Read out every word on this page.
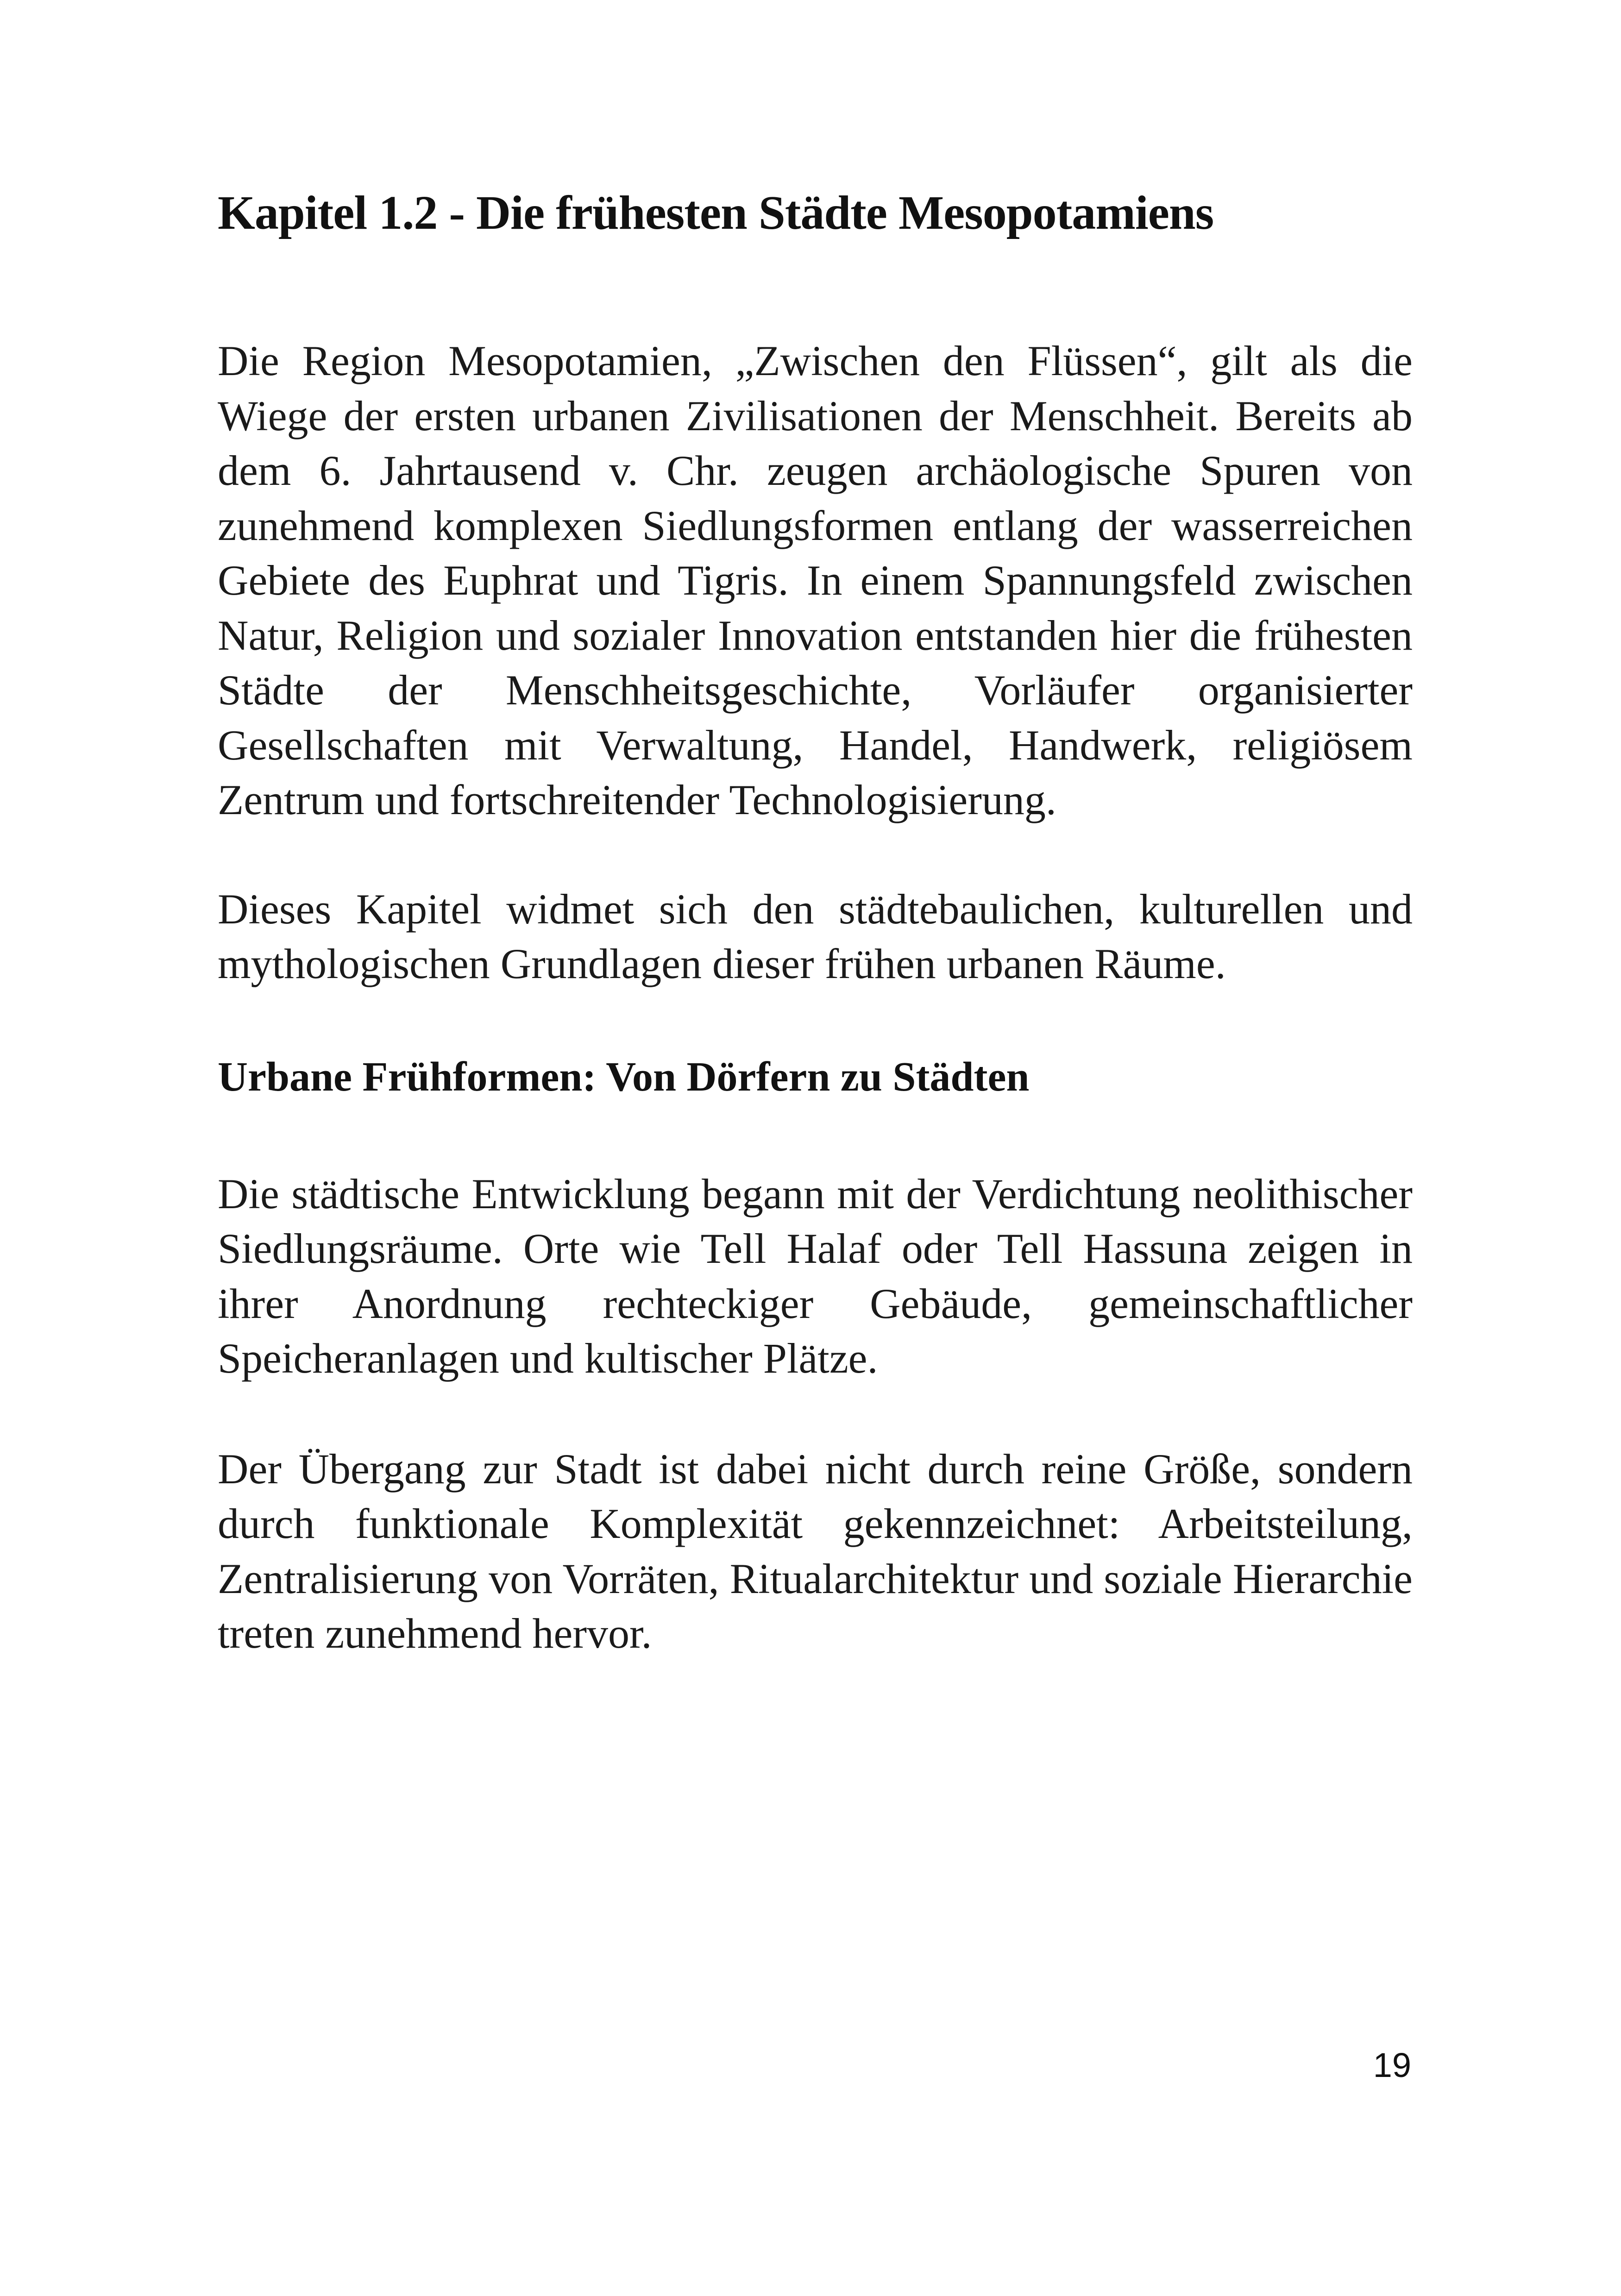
Kapitel 1.2 - Die frühesten Städte Mesopotamiens

Die Region Mesopotamien, „Zwischen den Flüssen“, gilt als die Wiege der ersten urbanen Zivilisationen der Menschheit. Bereits ab dem 6. Jahrtausend v. Chr. zeugen archäologische Spuren von zunehmend komplexen Siedlungsformen entlang der wasserreichen Gebiete des Euphrat und Tigris. In einem Spannungsfeld zwischen Natur, Religion und sozialer Innovation entstanden hier die frühesten Städte der Menschheitsgeschichte, Vorläufer organisierter Gesellschaften mit Verwaltung, Handel, Handwerk, religiösem Zentrum und fortschreitender Technologisierung.

Dieses Kapitel widmet sich den städtebaulichen, kulturellen und mythologischen Grundlagen dieser frühen urbanen Räume.

Urbane Frühformen: Von Dörfern zu Städten

Die städtische Entwicklung begann mit der Verdichtung neolithischer Siedlungsräume. Orte wie Tell Halaf oder Tell Hassuna zeigen in ihrer Anordnung rechteckiger Gebäude, gemeinschaftlicher Speicheranlagen und kultischer Plätze.

Der Übergang zur Stadt ist dabei nicht durch reine Größe, sondern durch funktionale Komplexität gekennzeichnet: Arbeitsteilung, Zentralisierung von Vorräten, Ritualarchitektur und soziale Hierarchie treten zunehmend hervor.

19
